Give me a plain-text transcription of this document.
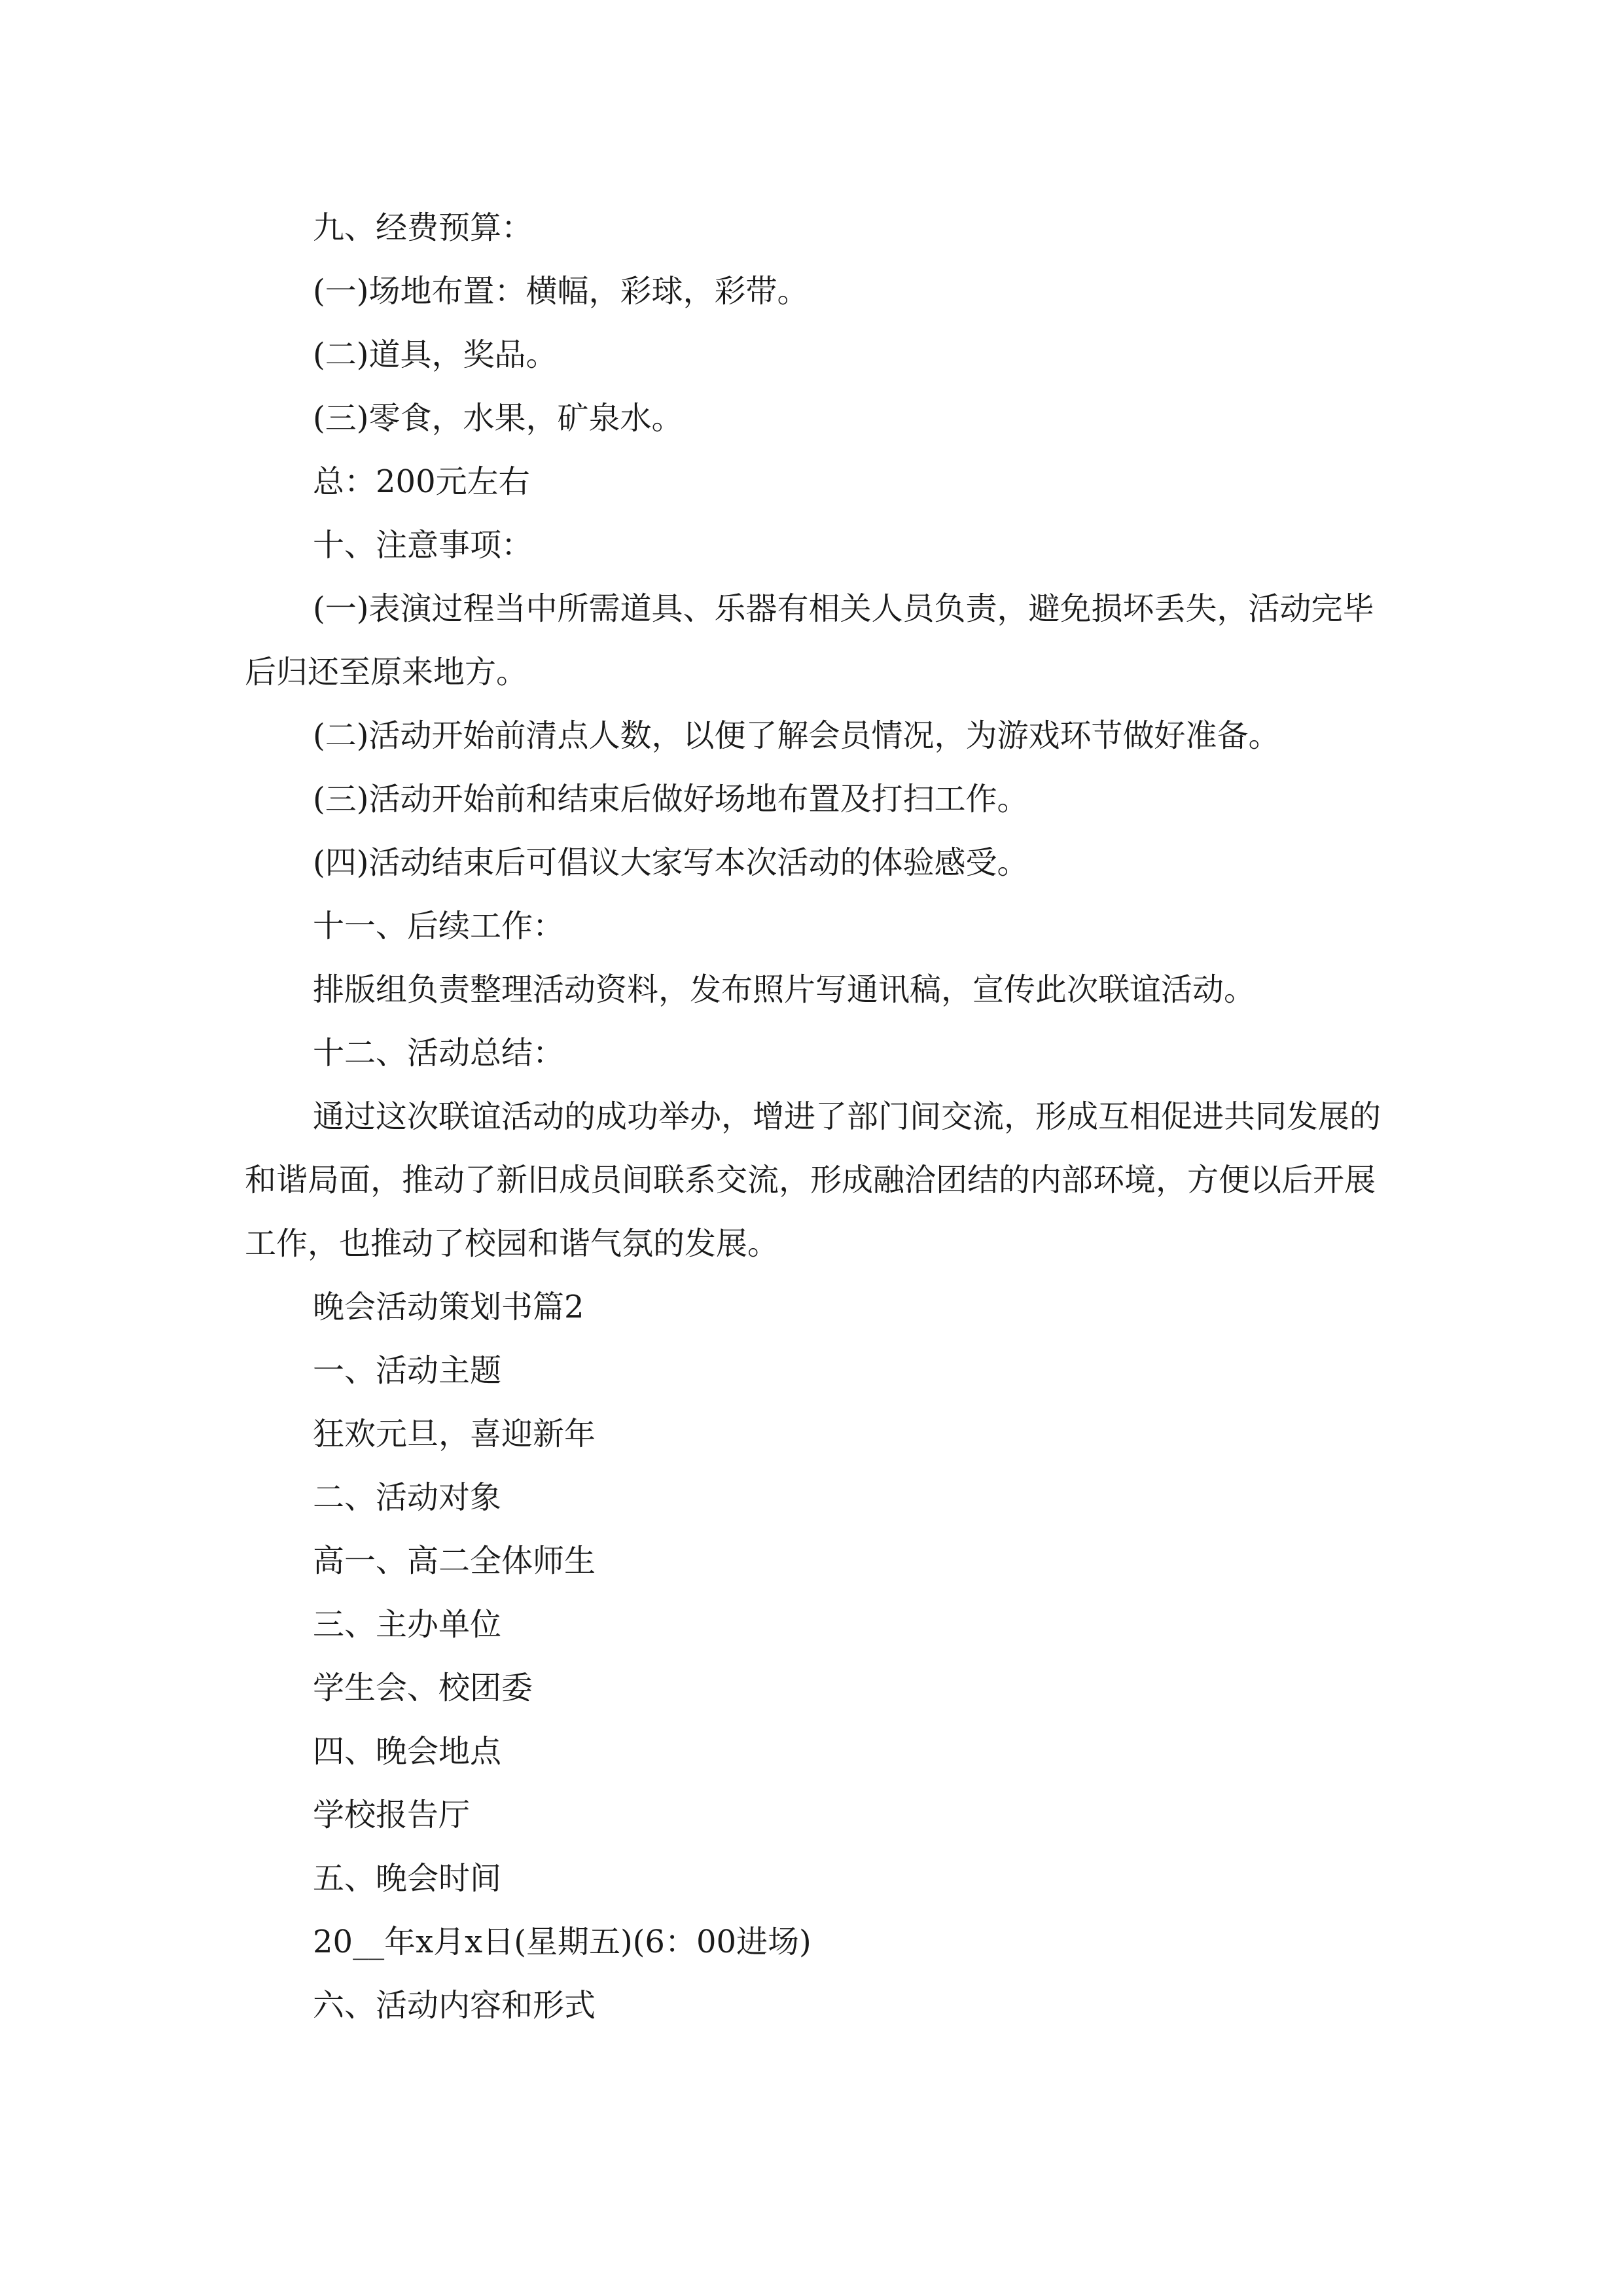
九、经费预算：

(一)场地布置：横幅，彩球，彩带。

(二)道具，奖品。

(三)零食，水果，矿泉水。

总：200元左右

十、注意事项：

(一)表演过程当中所需道具、乐器有相关人员负责，避免损坏丢失，活动完毕后归还至原来地方。

(二)活动开始前清点人数，以便了解会员情况，为游戏环节做好准备。

(三)活动开始前和结束后做好场地布置及打扫工作。

(四)活动结束后可倡议大家写本次活动的体验感受。

十一、后续工作：

排版组负责整理活动资料，发布照片写通讯稿，宣传此次联谊活动。

十二、活动总结：

通过这次联谊活动的成功举办，增进了部门间交流，形成互相促进共同发展的和谐局面，推动了新旧成员间联系交流，形成融洽团结的内部环境，方便以后开展工作，也推动了校园和谐气氛的发展。

晚会活动策划书篇2

一、活动主题

狂欢元旦，喜迎新年

二、活动对象

高一、高二全体师生

三、主办单位

学生会、校团委

四、晚会地点

学校报告厅

五、晚会时间

20__年x月x日(星期五)(6：00进场)

六、活动内容和形式
